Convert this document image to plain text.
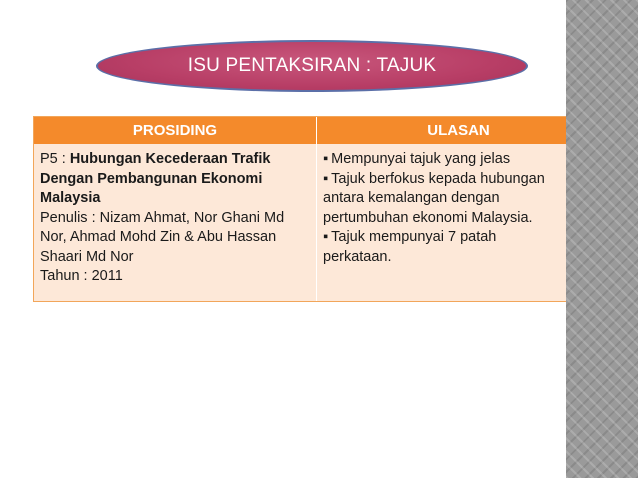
ISU PENTAKSIRAN : TAJUK
PROSIDING	ULASAN
P5 : Hubungan Kecederaan Trafik
Dengan Pembangunan Ekonomi
Malaysia
Penulis : Nizam Ahmat, Nor Ghani Md
Nor, Ahmad Mohd Zin & Abu Hassan
Shaari Md Nor
Tahun : 2011
▪ Mempunyai tajuk yang jelas
▪ Tajuk berfokus kepada hubungan
antara kemalangan dengan
pertumbuhan ekonomi Malaysia.
▪ Tajuk mempunyai 7 patah
perkataan.
